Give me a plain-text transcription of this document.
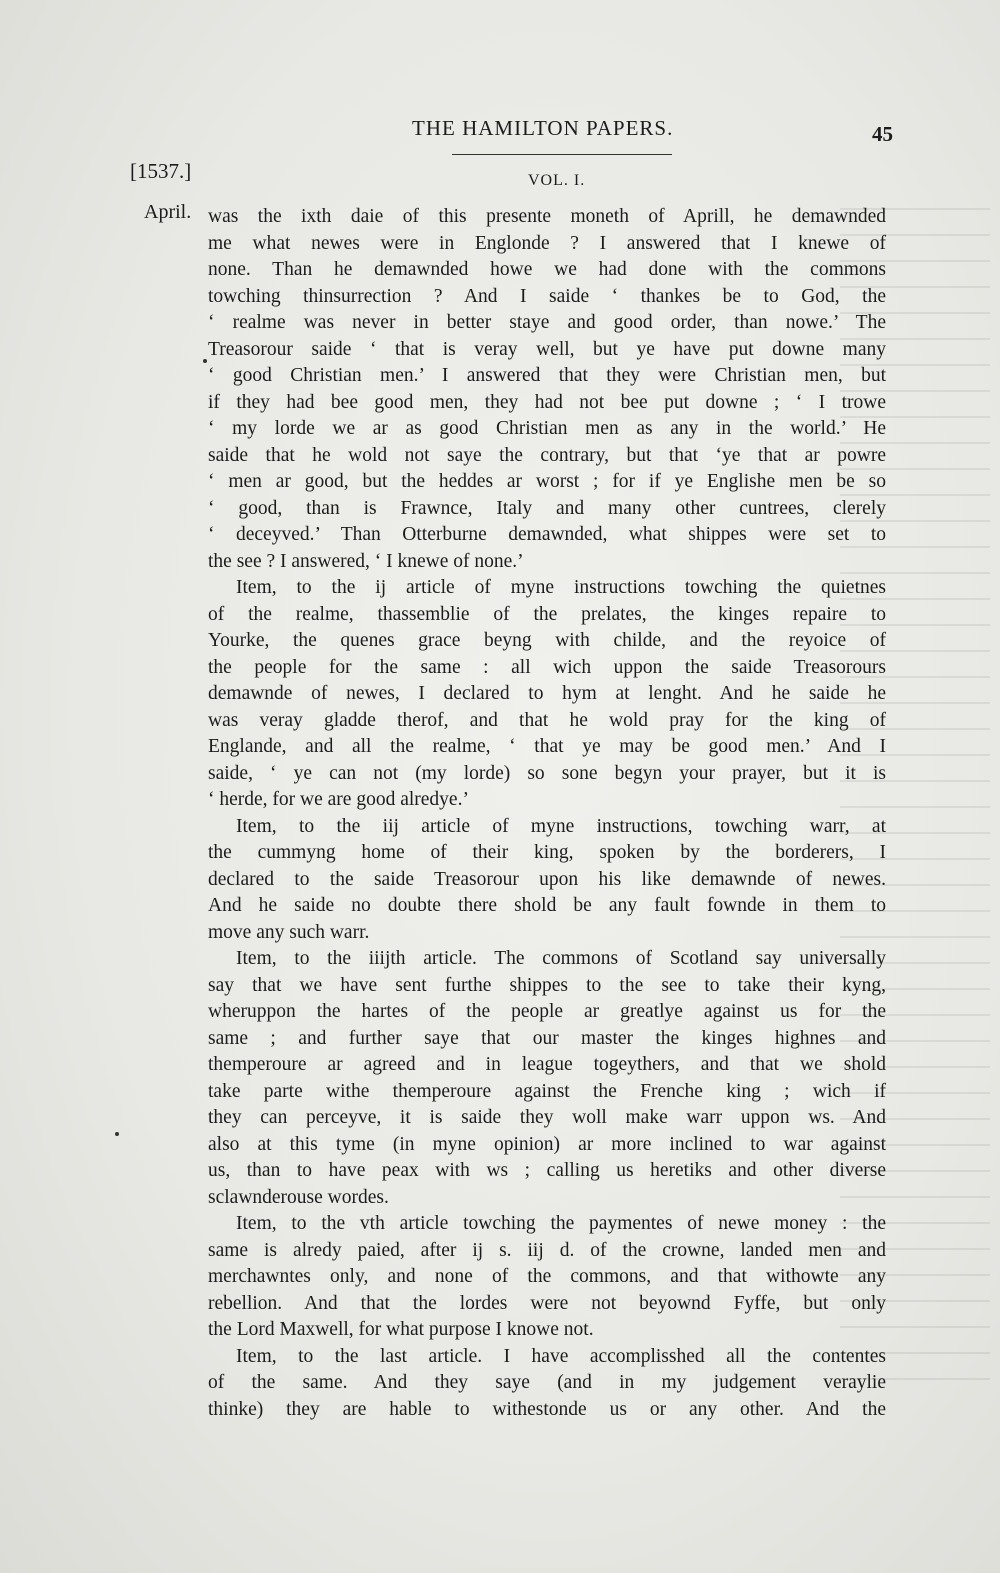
THE HAMILTON PAPERS.	45
[1537.]	VOL. I.
April. was the ixth daie of this presente moneth of Aprill, he demawnded
me what newes were in Englonde ? I answered that I knewe of
none. Than he demawnded howe we had done with the commons
towching thinsurrection ? And I saide ‘ thankes be to God, the
‘ realme was never in better staye and good order, than nowe.’ The
Treasorour saide ‘ that is veray well, but ye have put downe many
‘ good Christian men.’ I answered that they were Christian men, but
if they had bee good men, they had not bee put downe ; ‘ I trowe
‘ my lorde we ar as good Christian men as any in the world.’ He
saide that he wold not saye the contrary, but that ‘ye that ar powre
‘ men ar good, but the heddes ar worst ; for if ye Englishe men be so
‘ good, than is Frawnce, Italy and many other cuntrees, clerely
‘ deceyved.’ Than Otterburne demawnded, what shippes were set to
the see ? I answered, ‘ I knewe of none.’
Item, to the ij article of myne instructions towching the quietnes
of the realme, thassemblie of the prelates, the kinges repaire to
Yourke, the quenes grace beyng with childe, and the reyoice of
the people for the same : all wich uppon the saide Treasorours
demawnde of newes, I declared to hym at lenght. And he saide he
was veray gladde therof, and that he wold pray for the king of
Englande, and all the realme, ‘ that ye may be good men.’ And I
saide, ‘ ye can not (my lorde) so sone begyn your prayer, but it is
‘ herde, for we are good alredye.’
Item, to the iij article of myne instructions, towching warr, at
the cummyng home of their king, spoken by the borderers, I
declared to the saide Treasorour upon his like demawnde of newes.
And he saide no doubte there shold be any fault fownde in them to
move any such warr.
Item, to the iiijth article. The commons of Scotland say universally
say that we have sent furthe shippes to the see to take their kyng,
wheruppon the hartes of the people ar greatlye against us for the
same ; and further saye that our master the kinges highnes and
themperoure ar agreed and in league togeythers, and that we shold
take parte withe themperoure against the Frenche king ; wich if
they can perceyve, it is saide they woll make warr uppon ws. And
also at this tyme (in myne opinion) ar more inclined to war against
us, than to have peax with ws ; calling us heretiks and other diverse
sclawnderouse wordes.
Item, to the vth article towching the paymentes of newe money : the
same is alredy paied, after ij s. iij d. of the crowne, landed men and
merchawntes only, and none of the commons, and that withowte any
rebellion. And that the lordes were not beyownd Fyffe, but only
the Lord Maxwell, for what purpose I knowe not.
Item, to the last article. I have accomplisshed all the contentes
of the same. And they saye (and in my judgement veraylie
thinke) they are hable to withestonde us or any other. And the
